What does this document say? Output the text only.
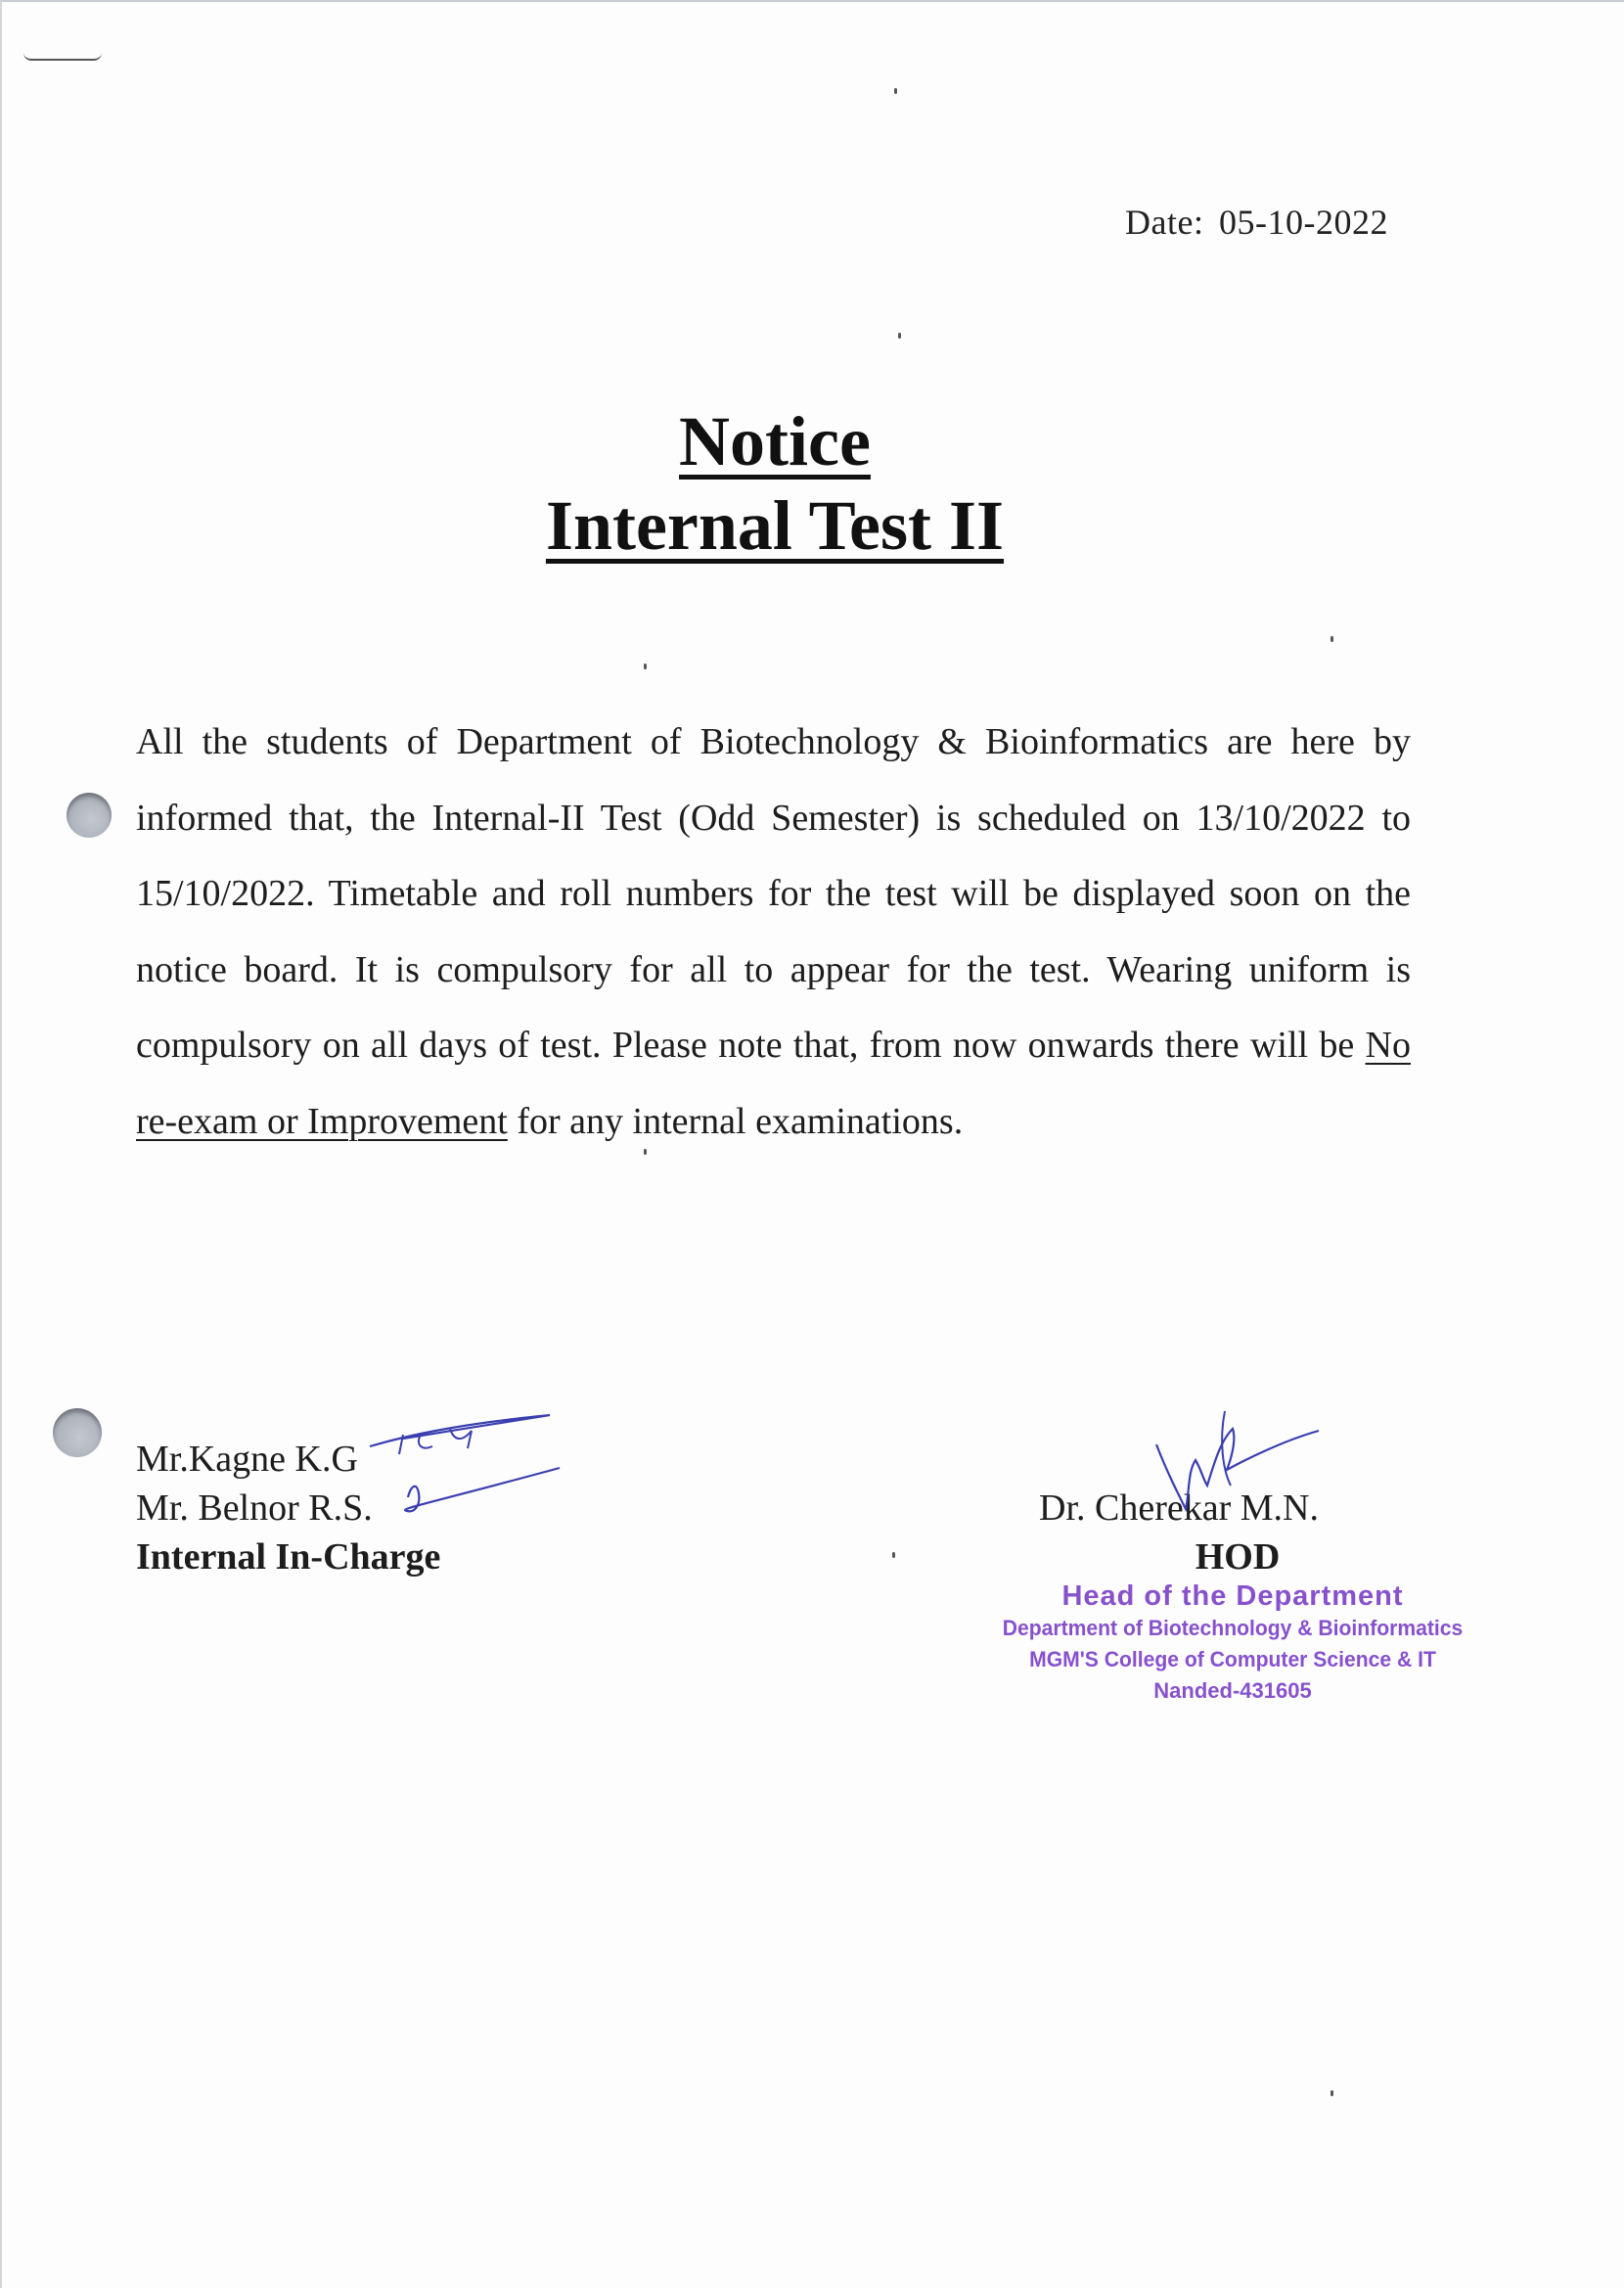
Date: 05-10-2022
Notice
Internal Test II
All the students of Department of Biotechnology & Bioinformatics are here by informed that, the Internal-II Test (Odd Semester) is scheduled on 13/10/2022 to 15/10/2022. Timetable and roll numbers for the test will be displayed soon on the notice board. It is compulsory for all to appear for the test. Wearing uniform is compulsory on all days of test. Please note that, from now onwards there will be No re-exam or Improvement for any internal examinations.
Mr.Kagne K.G
Mr. Belnor R.S.
Internal In-Charge
Dr. Cherekar M.N.
HOD
Head of the Department
Department of Biotechnology & Bioinformatics
MGM'S College of Computer Science & IT
Nanded-431605
